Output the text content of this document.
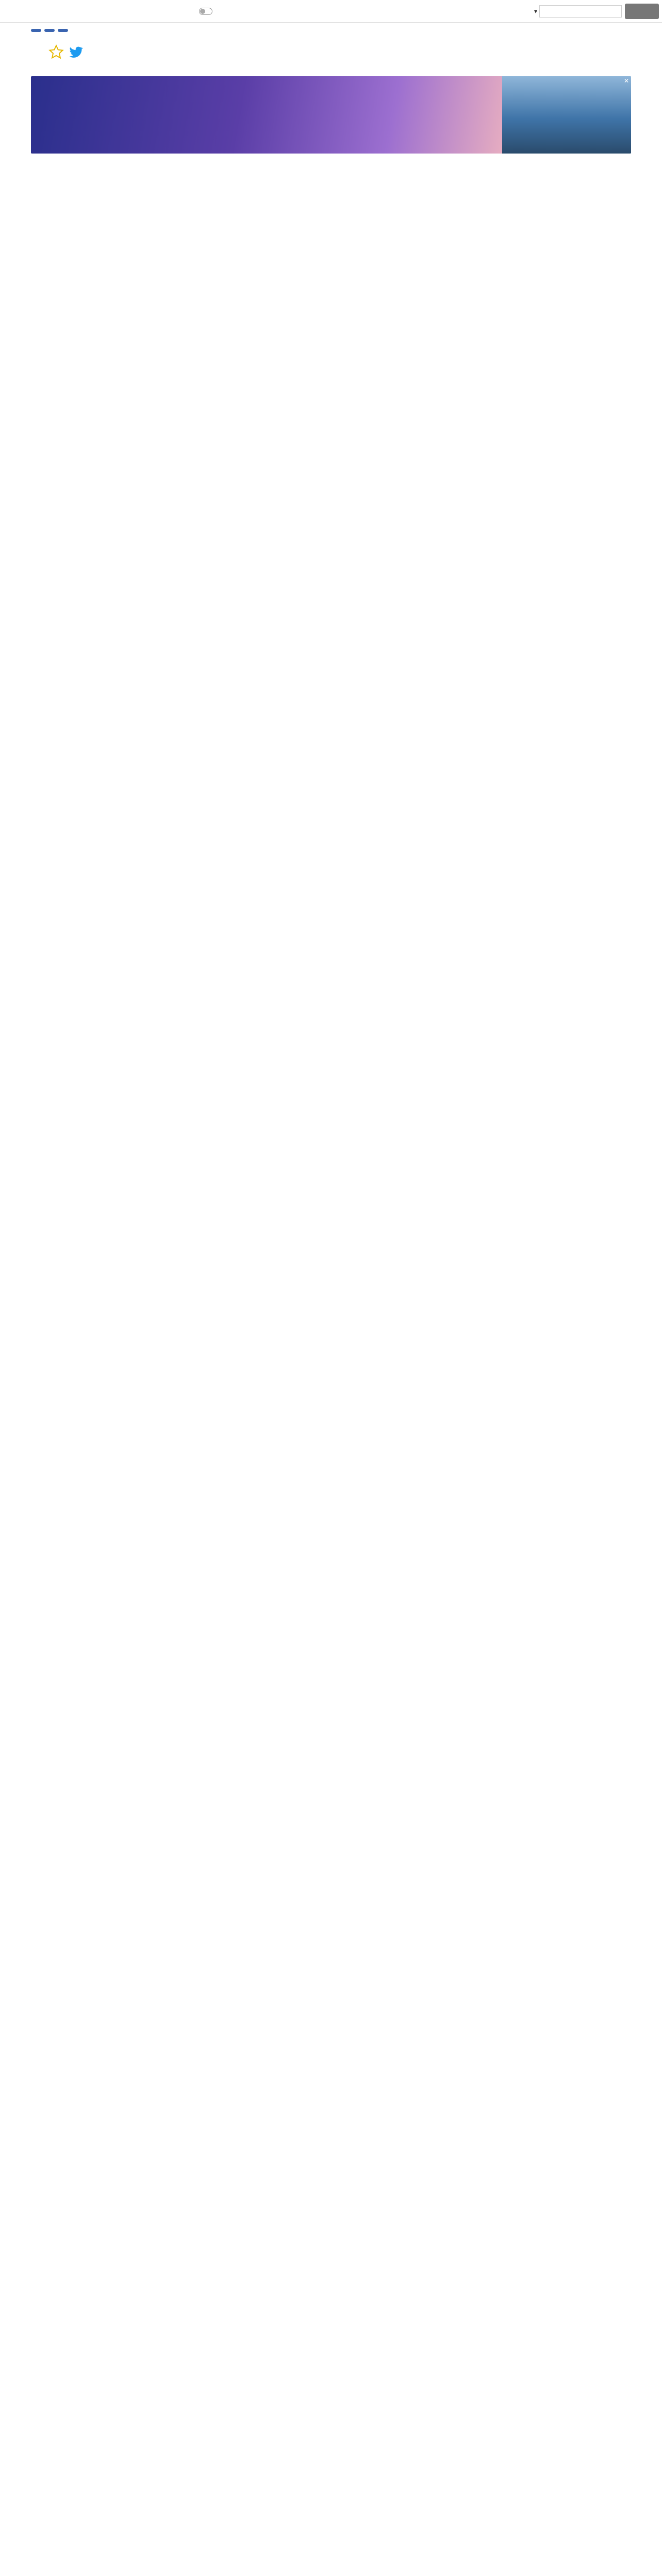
▾
✕
